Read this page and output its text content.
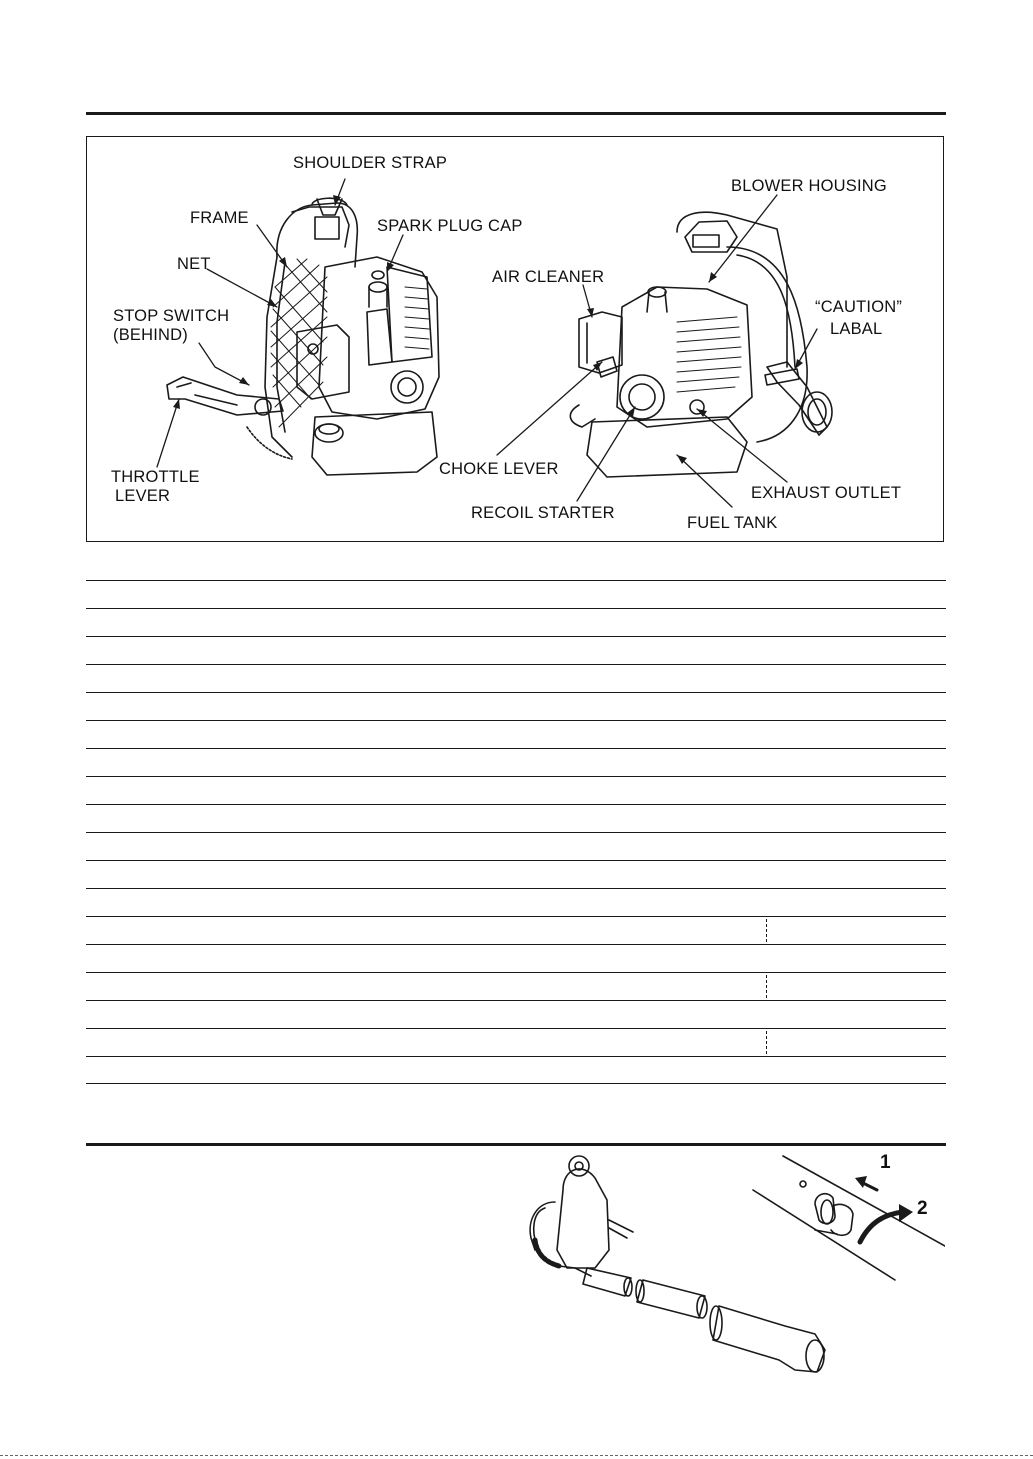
SHOULDER STRAP
FRAME	SPARK PLUG CAP
NET
STOP SWITCH
(BEHIND)
THROTTLE
LEVER
BLOWER HOUSING
AIR CLEANER
“CAUTION”
LABAL
CHOKE LEVER
EXHAUST OUTLET
RECOIL STARTER
FUEL TANK
1
2
